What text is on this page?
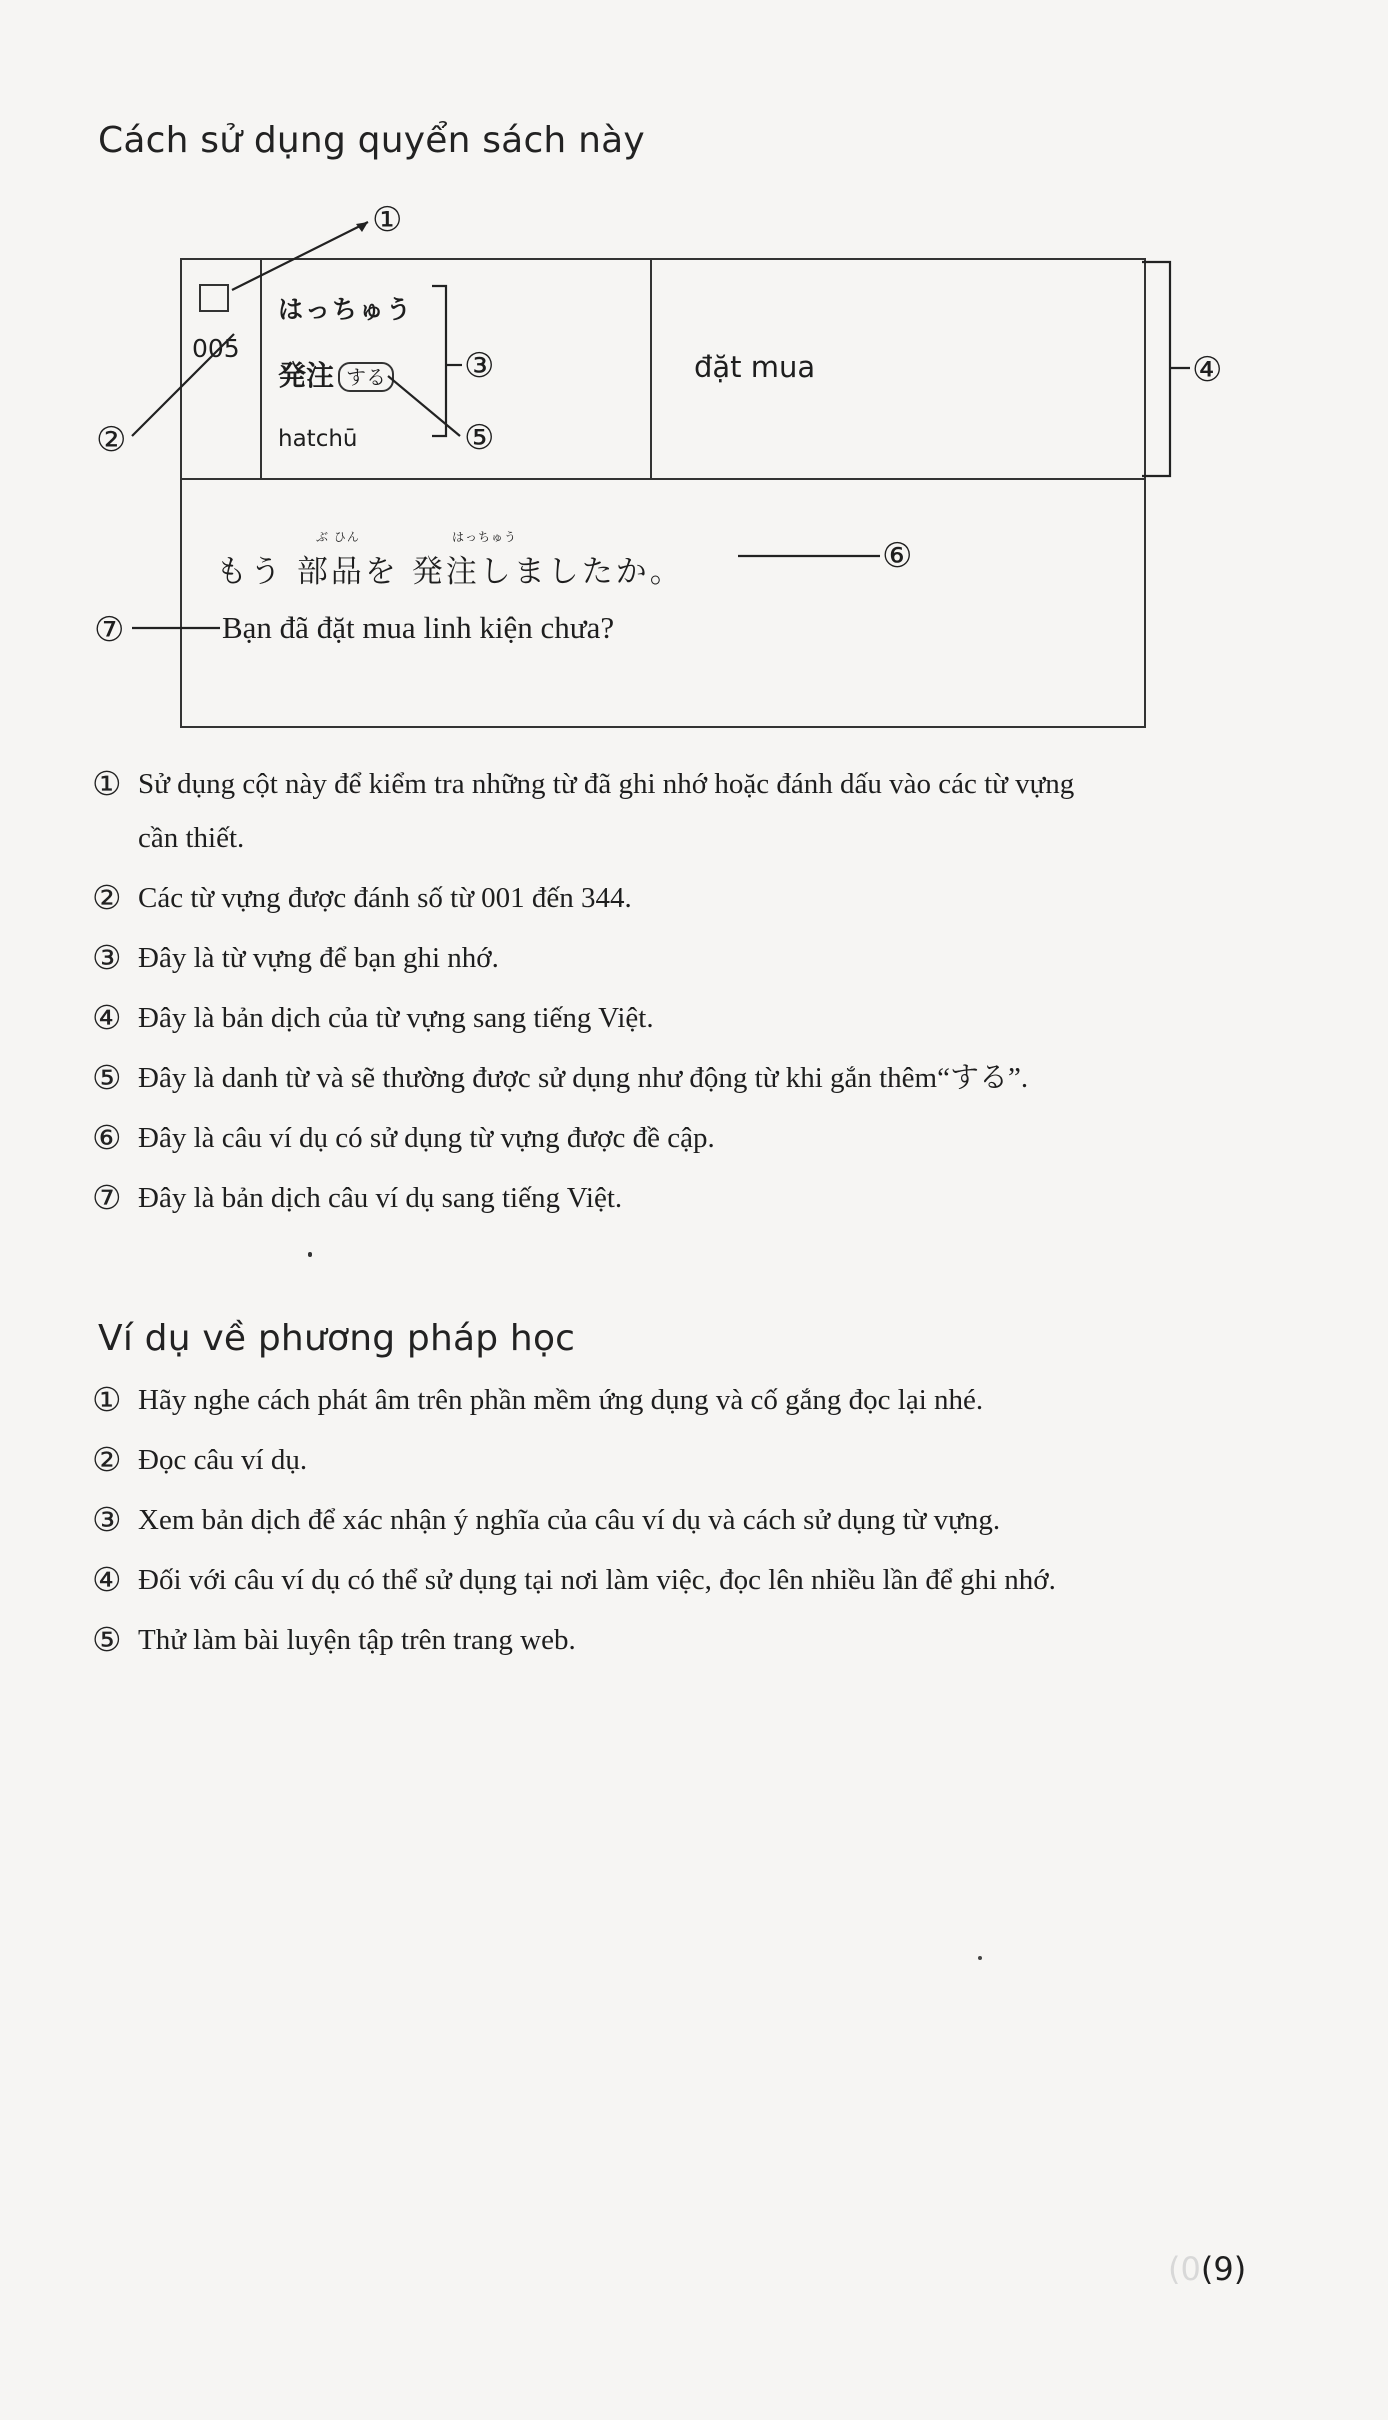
Cách sử dụng quyển sách này
005
はっちゅう
発注 する
hatchū
đặt mua
もう 部品を 発注しましたか。
ぶ ひん	はっちゅう
Bạn đã đặt mua linh kiện chưa?
①
②
③	④
⑤
⑥
⑦
① Sử dụng cột này để kiểm tra những từ đã ghi nhớ hoặc đánh dấu vào các từ vựng
cần thiết.
② Các từ vựng được đánh số từ 001 đến 344.
③ Đây là từ vựng để bạn ghi nhớ.
④ Đây là bản dịch của từ vựng sang tiếng Việt.
⑤ Đây là danh từ và sẽ thường được sử dụng như động từ khi gắn thêm“する”.
⑥ Đây là câu ví dụ có sử dụng từ vựng được đề cập.
⑦ Đây là bản dịch câu ví dụ sang tiếng Việt.
Ví dụ về phương pháp học
① Hãy nghe cách phát âm trên phần mềm ứng dụng và cố gắng đọc lại nhé.
② Đọc câu ví dụ.
③ Xem bản dịch để xác nhận ý nghĩa của câu ví dụ và cách sử dụng từ vựng.
④ Đối với câu ví dụ có thể sử dụng tại nơi làm việc, đọc lên nhiều lần để ghi nhớ.
⑤ Thử làm bài luyện tập trên trang web.
(0(9)
